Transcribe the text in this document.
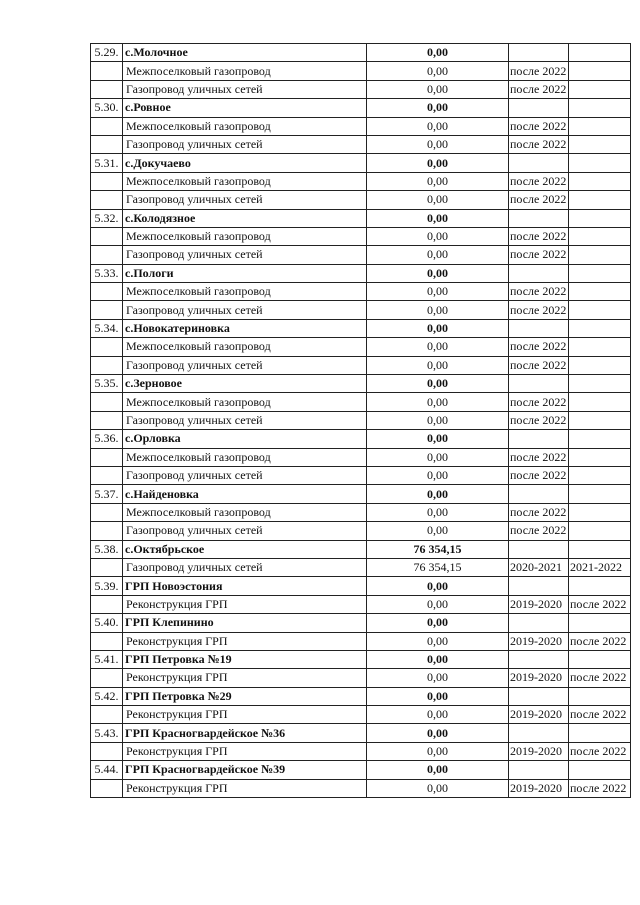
5.29.	с.Молочное	0,00		
	Межпоселковый газопровод	0,00	после 2022	
	Газопровод уличных сетей	0,00	после 2022	
5.30.	с.Ровное	0,00		
	Межпоселковый газопровод	0,00	после 2022	
	Газопровод уличных сетей	0,00	после 2022	
5.31.	с.Докучаево	0,00		
	Межпоселковый газопровод	0,00	после 2022	
	Газопровод уличных сетей	0,00	после 2022	
5.32.	с.Колодязное	0,00		
	Межпоселковый газопровод	0,00	после 2022	
	Газопровод уличных сетей	0,00	после 2022	
5.33.	с.Пологи	0,00		
	Межпоселковый газопровод	0,00	после 2022	
	Газопровод уличных сетей	0,00	после 2022	
5.34.	с.Новокатериновка	0,00		
	Межпоселковый газопровод	0,00	после 2022	
	Газопровод уличных сетей	0,00	после 2022	
5.35.	с.Зерновое	0,00		
	Межпоселковый газопровод	0,00	после 2022	
	Газопровод уличных сетей	0,00	после 2022	
5.36.	с.Орловка	0,00		
	Межпоселковый газопровод	0,00	после 2022	
	Газопровод уличных сетей	0,00	после 2022	
5.37.	с.Найденовка	0,00		
	Межпоселковый газопровод	0,00	после 2022	
	Газопровод уличных сетей	0,00	после 2022	
5.38.	с.Октябрьское	76 354,15		
	Газопровод уличных сетей	76 354,15	2020-2021	2021-2022
5.39.	ГРП Новоэстония	0,00		
	Реконструкция ГРП	0,00	2019-2020	после 2022
5.40.	ГРП Клепинино	0,00		
	Реконструкция ГРП	0,00	2019-2020	после 2022
5.41.	ГРП Петровка №19	0,00		
	Реконструкция ГРП	0,00	2019-2020	после 2022
5.42.	ГРП Петровка №29	0,00		
	Реконструкция ГРП	0,00	2019-2020	после 2022
5.43.	ГРП Красногвардейское №36	0,00		
	Реконструкция ГРП	0,00	2019-2020	после 2022
5.44.	ГРП Красногвардейское №39	0,00		
	Реконструкция ГРП	0,00	2019-2020	после 2022
